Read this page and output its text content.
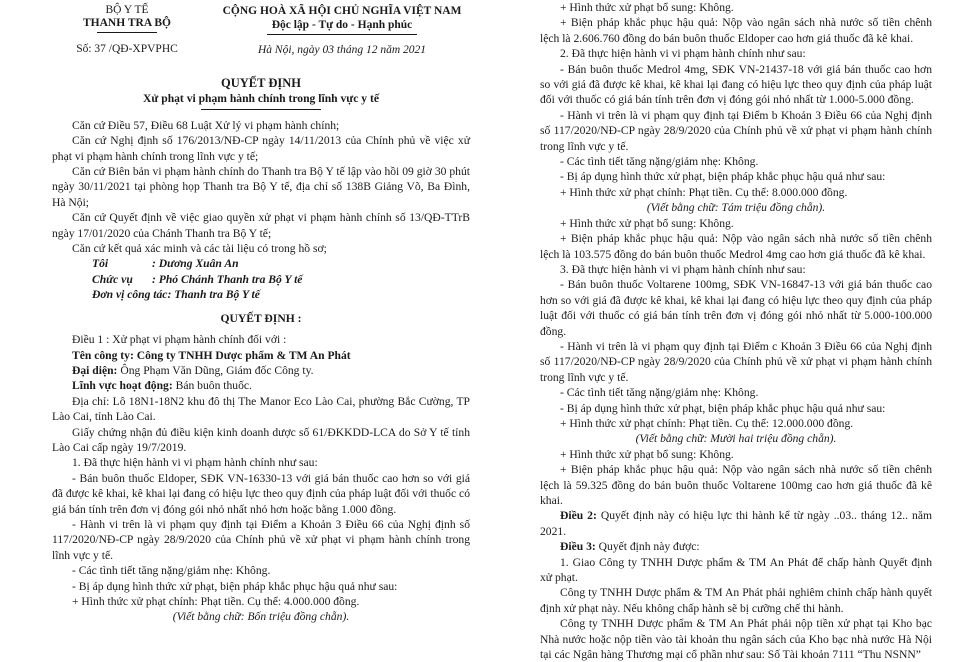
BỘ Y TẾ
THANH TRA BỘ
Số: 37 /QĐ-XPVPHC
CỘNG HOÀ XÃ HỘI CHỦ NGHĨA VIỆT NAM
Độc lập - Tự do - Hạnh phúc
Hà Nội, ngày 03 tháng 12 năm 2021
QUYẾT ĐỊNH
Xử phạt vi phạm hành chính trong lĩnh vực y tế

Căn cứ Điều 57, Điều 68 Luật Xử lý vi phạm hành chính;

Căn cứ Nghị định số 176/2013/NĐ-CP ngày 14/11/2013 của Chính phủ về việc xử phạt vi phạm hành chính trong lĩnh vực y tế;

Căn cứ Biên bản vi phạm hành chính do Thanh tra Bộ Y tế lập vào hồi 09 giờ 30 phút ngày 30/11/2021 tại phòng họp Thanh tra Bộ Y tế, địa chỉ số 138B Giảng Võ, Ba Đình, Hà Nội;

Căn cứ Quyết định về việc giao quyền xử phạt vi phạm hành chính số 13/QĐ-TTrB ngày 17/01/2020 của Chánh Thanh tra Bộ Y tế;

Căn cứ kết quả xác minh và các tài liệu có trong hồ sơ;

Tôi	: Dương Xuân An
Chức vụ : Phó Chánh Thanh tra Bộ Y tế
Đơn vị công tác: Thanh tra Bộ Y tế
QUYẾT ĐỊNH :

Điều 1 : Xử phạt vi phạm hành chính đối với :

Tên công ty: Công ty TNHH Dược phẩm & TM An Phát

Đại diện: Ông Phạm Văn Dũng, Giám đốc Công ty.

Lĩnh vực hoạt động: Bán buôn thuốc.

Địa chỉ: Lô 18N1-18N2 khu đô thị The Manor Eco Lào Cai, phường Bắc Cường, TP Lào Cai, tỉnh Lào Cai.

Giấy chứng nhận đủ điều kiện kinh doanh dược số 61/ĐKKDD-LCA do Sở Y tế tỉnh Lào Cai cấp ngày 19/7/2019.

1. Đã thực hiện hành vi vi phạm hành chính như sau:

- Bán buôn thuốc Eldoper, SĐK VN-16330-13 với giá bán thuốc cao hơn so với giá đã được kê khai, kê khai lại đang có hiệu lực theo quy định của pháp luật đối với thuốc có giá bán tính trên đơn vị đóng gói nhỏ nhất nhỏ hơn hoặc bằng 1.000 đồng.

- Hành vi trên là vi phạm quy định tại Điểm a Khoản 3 Điều 66 của Nghị định số 117/2020/NĐ-CP ngày 28/9/2020 của Chính phủ về xử phạt vi phạm hành chính trong lĩnh vực y tế.

- Các tình tiết tăng nặng/giảm nhẹ: Không.

- Bị áp dụng hình thức xử phạt, biện pháp khắc phục hậu quả như sau:

+ Hình thức xử phạt chính: Phạt tiền. Cụ thể: 4.000.000 đồng.

(Viết bằng chữ: Bốn triệu đồng chẵn).

+ Hình thức xử phạt bổ sung: Không.

+ Biện pháp khắc phục hậu quả: Nộp vào ngân sách nhà nước số tiền chênh lệch là 2.606.760 đồng do bán buôn thuốc Eldoper cao hơn giá thuốc đã kê khai.

2. Đã thực hiện hành vi vi phạm hành chính như sau:

- Bán buôn thuốc Medrol 4mg, SĐK VN-21437-18 với giá bán thuốc cao hơn so với giá đã được kê khai, kê khai lại đang có hiệu lực theo quy định của pháp luật đối với thuốc có giá bán tính trên đơn vị đóng gói nhỏ nhất từ 1.000-5.000 đồng.

- Hành vi trên là vi phạm quy định tại Điểm b Khoản 3 Điều 66 của Nghị định số 117/2020/NĐ-CP ngày 28/9/2020 của Chính phủ về xử phạt vi phạm hành chính trong lĩnh vực y tế.

- Các tình tiết tăng nặng/giảm nhẹ: Không.

- Bị áp dụng hình thức xử phạt, biện pháp khắc phục hậu quả như sau:

+ Hình thức xử phạt chính: Phạt tiền. Cụ thể: 8.000.000 đồng.

(Viết bằng chữ: Tám triệu đồng chẵn).

+ Hình thức xử phạt bổ sung: Không.

+ Biện pháp khắc phục hậu quả: Nộp vào ngân sách nhà nước số tiền chênh lệch là 103.575 đồng do bán buôn thuốc Medrol 4mg cao hơn giá thuốc đã kê khai.

3. Đã thực hiện hành vi vi phạm hành chính như sau:

- Bán buôn thuốc Voltarene 100mg, SĐK VN-16847-13 với giá bán thuốc cao hơn so với giá đã được kê khai, kê khai lại đang có hiệu lực theo quy định của pháp luật đối với thuốc có giá bán tính trên đơn vị đóng gói nhỏ nhất từ 5.000-100.000 đồng.

- Hành vi trên là vi phạm quy định tại Điểm c Khoản 3 Điều 66 của Nghị định số 117/2020/NĐ-CP ngày 28/9/2020 của Chính phủ về xử phạt vi phạm hành chính trong lĩnh vực y tế.

- Các tình tiết tăng nặng/giảm nhẹ: Không.

- Bị áp dụng hình thức xử phạt, biện pháp khắc phục hậu quả như sau:

+ Hình thức xử phạt chính: Phạt tiền. Cụ thể: 12.000.000 đồng.

(Viết bằng chữ: Mười hai triệu đồng chẵn).

+ Hình thức xử phạt bổ sung: Không.

+ Biện pháp khắc phục hậu quả: Nộp vào ngân sách nhà nước số tiền chênh lệch là 59.325 đồng do bán buôn thuốc Voltarene 100mg cao hơn giá thuốc đã kê khai.

Điều 2: Quyết định này có hiệu lực thi hành kể từ ngày ..03.. tháng 12.. năm 2021.

Điều 3: Quyết định này được:

1. Giao Công ty TNHH Dược phẩm & TM An Phát để chấp hành Quyết định xử phạt.

Công ty TNHH Dược phẩm & TM An Phát phải nghiêm chỉnh chấp hành quyết định xử phạt này. Nếu không chấp hành sẽ bị cưỡng chế thi hành.

Công ty TNHH Dược phẩm & TM An Phát phải nộp tiền xử phạt tại Kho bạc Nhà nước hoặc nộp tiền vào tài khoản thu ngân sách của Kho bạc nhà nước Hà Nội tại các Ngân hàng Thương mại cổ phần như sau: Số Tài khoản 7111 “Thu NSNN”
